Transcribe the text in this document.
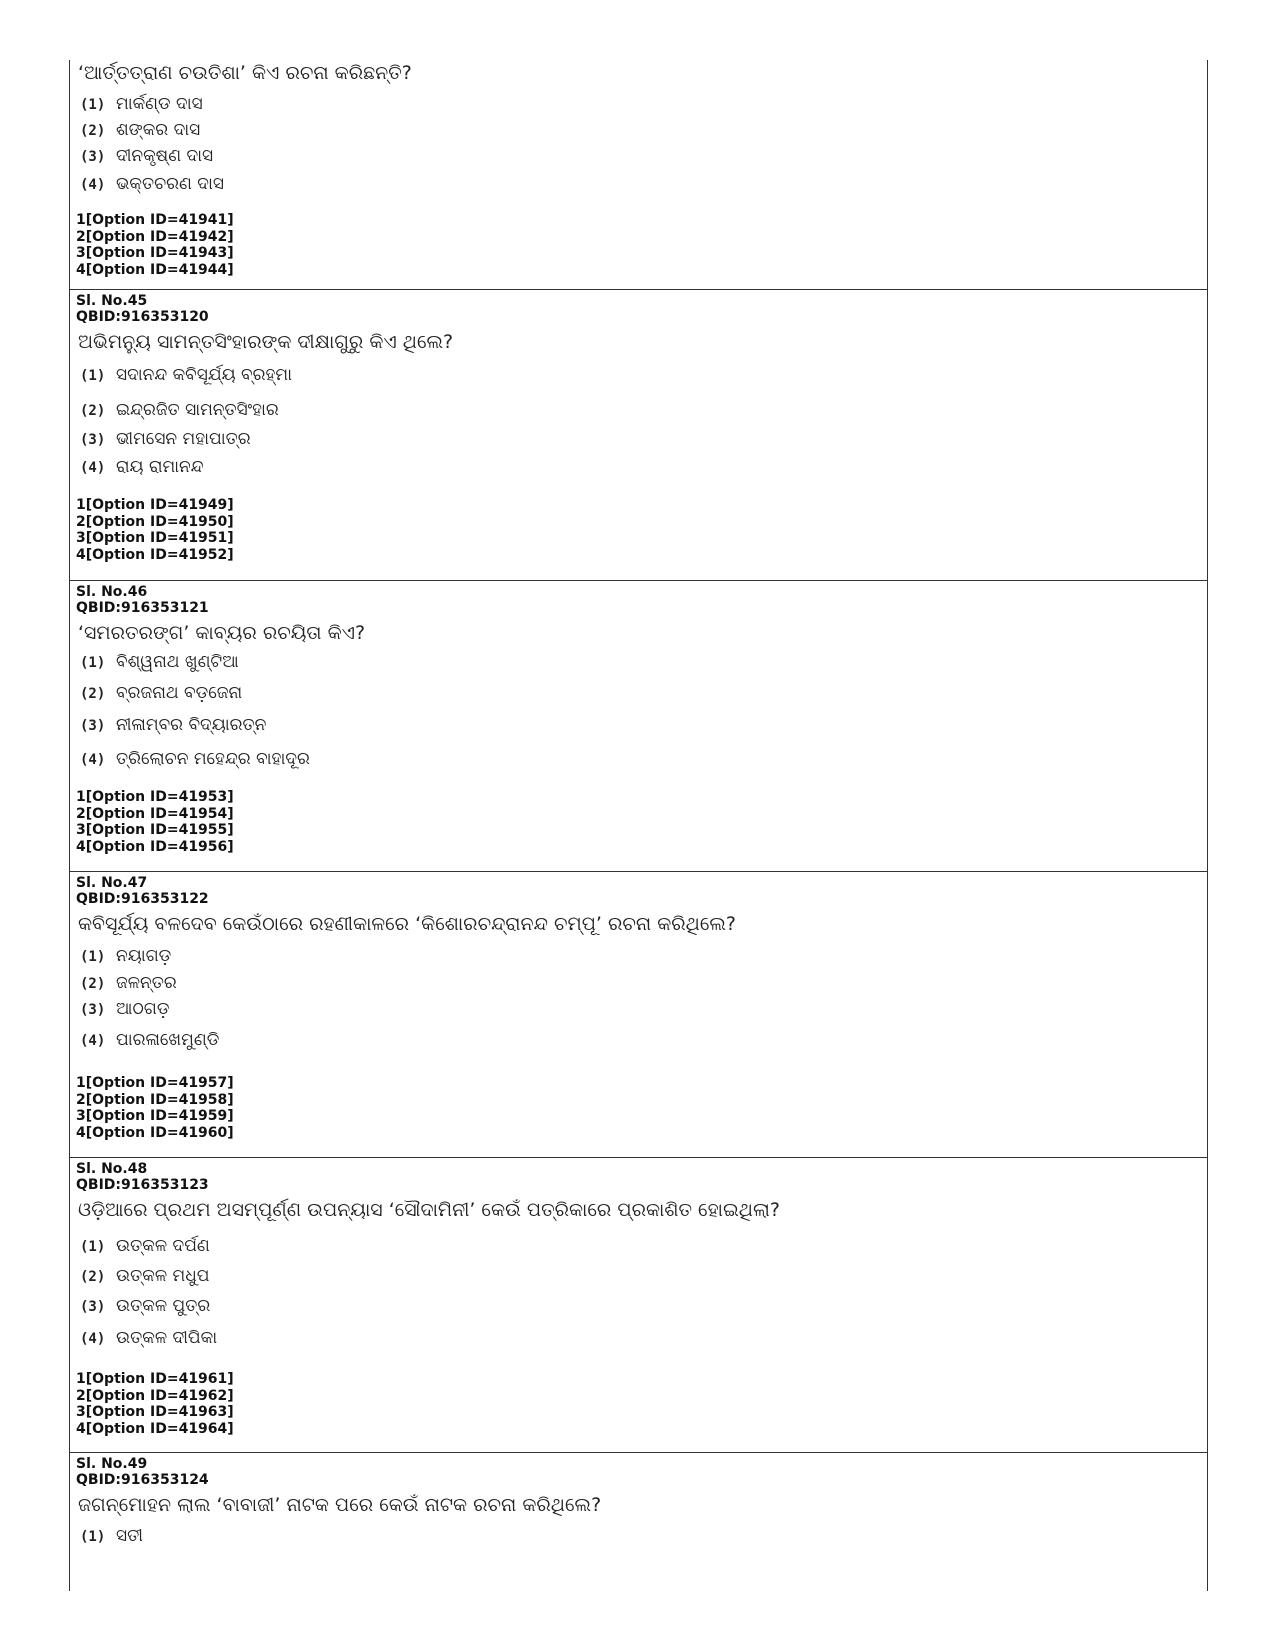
‘ଆର୍ତ୍ତତ୍ରାଣ ଚଉତିଶା’ କିଏ ରଚନା କରିଛନ୍ତି?
(1) ମାର୍କଣ୍ଡ ଦାସ
(2) ଶଙ୍କର ଦାସ
(3) ଦୀନକୃଷ୍ଣ ଦାସ
(4) ଭକ୍ତଚରଣ ଦାସ
1[Option ID=41941]
2[Option ID=41942]
3[Option ID=41943]
4[Option ID=41944]
Sl. No.45
QBID:916353120
ଅଭିମନ୍ୟୁ ସାମନ୍ତସିଂହାରଙ୍କ ଦୀକ୍ଷାଗୁରୁ କିଏ ଥିଲେ?
(1) ସଦାନନ୍ଦ କବିସୂର୍ଯ୍ୟ ବ୍ରହ୍ମା
(2) ଇନ୍ଦ୍ରଜିତ ସାମନ୍ତସିଂହାର
(3) ଭୀମସେନ ମହାପାତ୍ର
(4) ରାୟ ରାମାନନ୍ଦ
1[Option ID=41949]
2[Option ID=41950]
3[Option ID=41951]
4[Option ID=41952]
Sl. No.46
QBID:916353121
‘ସମରତରଙ୍ଗ’ କାବ୍ୟର ରଚୟିତା କିଏ?
(1) ବିଶ୍ୱନାଥ ଖୁଣ୍ଟିଆ
(2) ବ୍ରଜନାଥ ବଡ଼ଜେନା
(3) ନୀଳାମ୍ବର ବିଦ୍ୟାରତ୍ନ
(4) ତ୍ରିଲୋଚନ ମହେନ୍ଦ୍ର ବାହାଦୂର
1[Option ID=41953]
2[Option ID=41954]
3[Option ID=41955]
4[Option ID=41956]
Sl. No.47
QBID:916353122
କବିସୂର୍ଯ୍ୟ ବଳଦେବ କେଉଁଠାରେ ରହଣୀକାଳରେ ‘କିଶୋରଚନ୍ଦ୍ରାନନ୍ଦ ଚମ୍ପୂ’ ରଚନା କରିଥିଲେ?
(1) ନୟାଗଡ଼
(2) ଜଳନ୍ତର
(3) ଆଠଗଡ଼
(4) ପାରଳାଖେମୁଣ୍ଡି
1[Option ID=41957]
2[Option ID=41958]
3[Option ID=41959]
4[Option ID=41960]
Sl. No.48
QBID:916353123
ଓଡ଼ିଆରେ ପ୍ରଥମ ଅସମ୍ପୂର୍ଣ୍ଣ ଉପନ୍ୟାସ ‘ସୌଦାମିନୀ’ କେଉଁ ପତ୍ରିକାରେ ପ୍ରକାଶିତ ହୋଇଥିଲା?
(1) ଉତ୍କଳ ଦର୍ପଣ
(2) ଉତ୍କଳ ମଧୁପ
(3) ଉତ୍କଳ ପୁତ୍ର
(4) ଉତ୍କଳ ଦୀପିକା
1[Option ID=41961]
2[Option ID=41962]
3[Option ID=41963]
4[Option ID=41964]
Sl. No.49
QBID:916353124
ଜଗନ୍ମୋହନ ଲାଲ ‘ବାବାଜୀ’ ନାଟକ ପରେ କେଉଁ ନାଟକ ରଚନା କରିଥିଲେ?
(1) ସତୀ
